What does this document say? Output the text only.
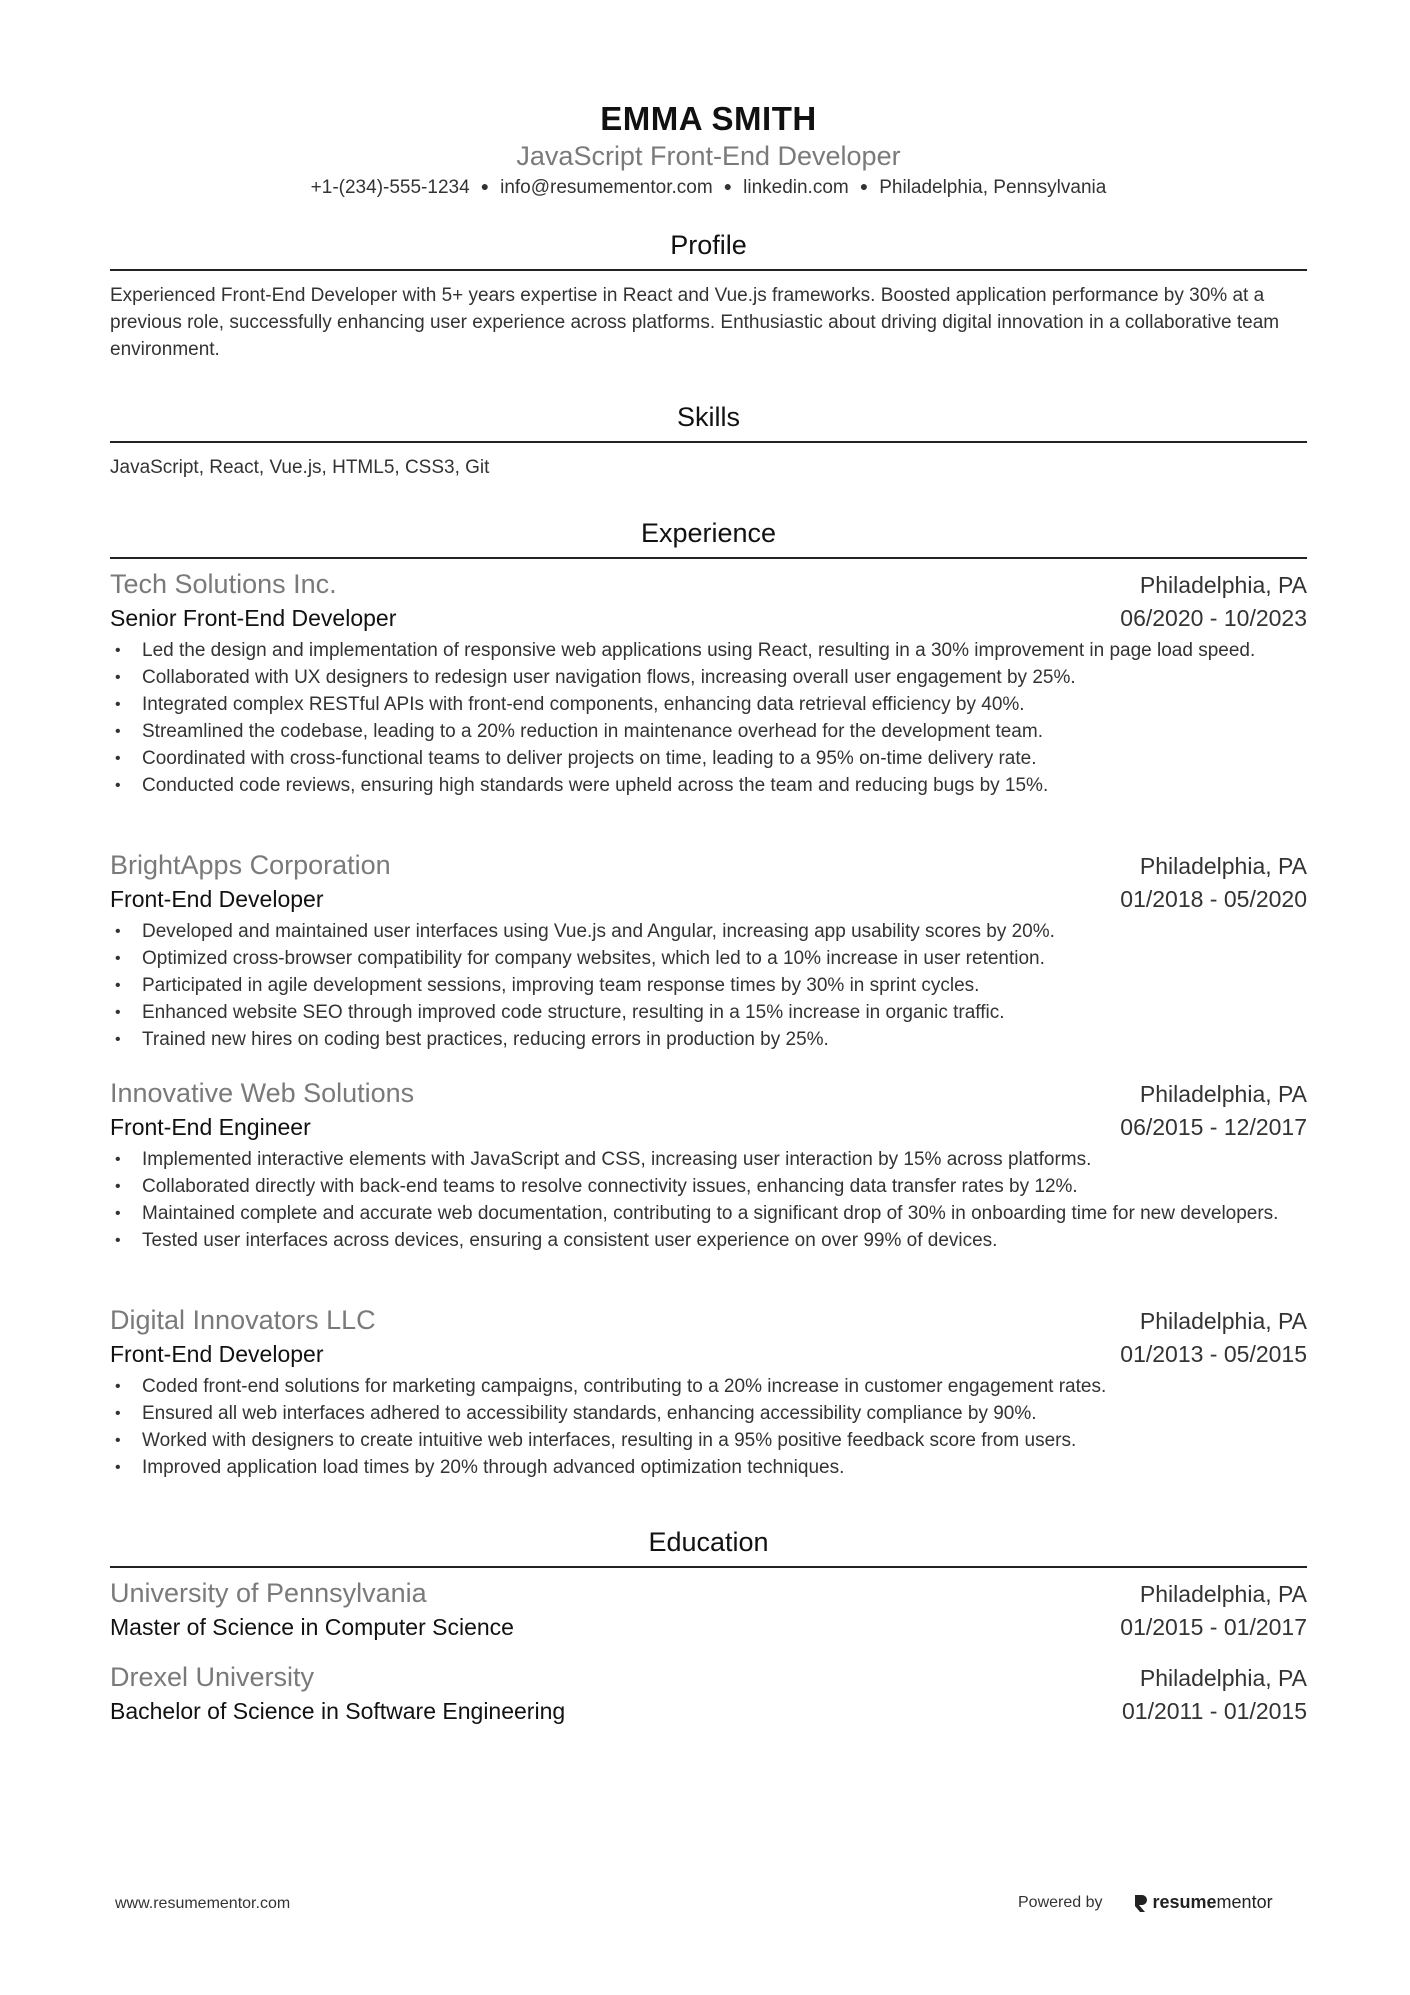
EMMA SMITH
JavaScript Front-End Developer
+1-(234)-555-1234 ● info@resumementor.com ● linkedin.com ● Philadelphia, Pennsylvania
Profile
Experienced Front-End Developer with 5+ years expertise in React and Vue.js frameworks. Boosted application performance by 30% at a previous role, successfully enhancing user experience across platforms. Enthusiastic about driving digital innovation in a collaborative team environment.
Skills
JavaScript, React, Vue.js, HTML5, CSS3, Git
Experience
Tech Solutions Inc.	Philadelphia, PA
Senior Front-End Developer	06/2020 - 10/2023
• Led the design and implementation of responsive web applications using React, resulting in a 30% improvement in page load speed.
• Collaborated with UX designers to redesign user navigation flows, increasing overall user engagement by 25%.
• Integrated complex RESTful APIs with front-end components, enhancing data retrieval efficiency by 40%.
• Streamlined the codebase, leading to a 20% reduction in maintenance overhead for the development team.
• Coordinated with cross-functional teams to deliver projects on time, leading to a 95% on-time delivery rate.
• Conducted code reviews, ensuring high standards were upheld across the team and reducing bugs by 15%.
BrightApps Corporation	Philadelphia, PA
Front-End Developer	01/2018 - 05/2020
• Developed and maintained user interfaces using Vue.js and Angular, increasing app usability scores by 20%.
• Optimized cross-browser compatibility for company websites, which led to a 10% increase in user retention.
• Participated in agile development sessions, improving team response times by 30% in sprint cycles.
• Enhanced website SEO through improved code structure, resulting in a 15% increase in organic traffic.
• Trained new hires on coding best practices, reducing errors in production by 25%.
Innovative Web Solutions	Philadelphia, PA
Front-End Engineer	06/2015 - 12/2017
• Implemented interactive elements with JavaScript and CSS, increasing user interaction by 15% across platforms.
• Collaborated directly with back-end teams to resolve connectivity issues, enhancing data transfer rates by 12%.
• Maintained complete and accurate web documentation, contributing to a significant drop of 30% in onboarding time for new developers.
• Tested user interfaces across devices, ensuring a consistent user experience on over 99% of devices.
Digital Innovators LLC	Philadelphia, PA
Front-End Developer	01/2013 - 05/2015
• Coded front-end solutions for marketing campaigns, contributing to a 20% increase in customer engagement rates.
• Ensured all web interfaces adhered to accessibility standards, enhancing accessibility compliance by 90%.
• Worked with designers to create intuitive web interfaces, resulting in a 95% positive feedback score from users.
• Improved application load times by 20% through advanced optimization techniques.
Education
University of Pennsylvania	Philadelphia, PA
Master of Science in Computer Science	01/2015 - 01/2017
Drexel University	Philadelphia, PA
Bachelor of Science in Software Engineering	01/2011 - 01/2015
www.resumementor.com	Powered by	resumementor
